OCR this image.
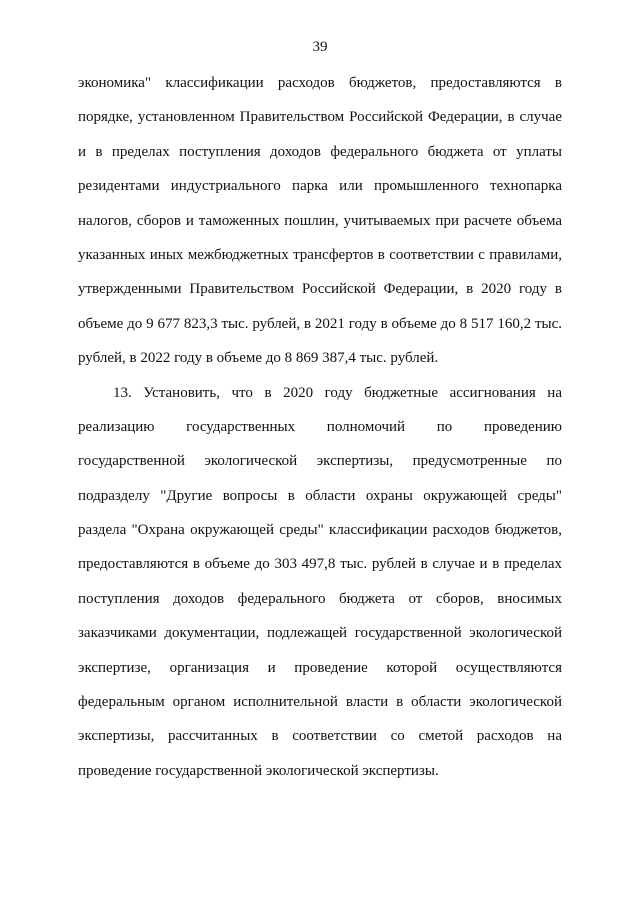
39
экономика" классификации расходов бюджетов, предоставляются в
порядке, установленном Правительством Российской Федерации, в случае
и в пределах поступления доходов федерального бюджета от уплаты
резидентами индустриального парка или промышленного технопарка
налогов, сборов и таможенных пошлин, учитываемых при расчете объема
указанных иных межбюджетных трансфертов в соответствии с правилами,
утвержденными Правительством Российской Федерации, в 2020 году в
объеме до 9 677 823,3 тыс. рублей, в 2021 году в объеме до 8 517 160,2 тыс.
рублей, в 2022 году в объеме до 8 869 387,4 тыс. рублей.
13. Установить, что в 2020 году бюджетные ассигнования на
реализацию государственных полномочий по проведению
государственной экологической экспертизы, предусмотренные по
подразделу "Другие вопросы в области охраны окружающей среды"
раздела "Охрана окружающей среды" классификации расходов бюджетов,
предоставляются в объеме до 303 497,8 тыс. рублей в случае и в пределах
поступления доходов федерального бюджета от сборов, вносимых
заказчиками документации, подлежащей государственной экологической
экспертизе, организация и проведение которой осуществляются
федеральным органом исполнительной власти в области экологической
экспертизы, рассчитанных в соответствии со сметой расходов на
проведение государственной экологической экспертизы.
